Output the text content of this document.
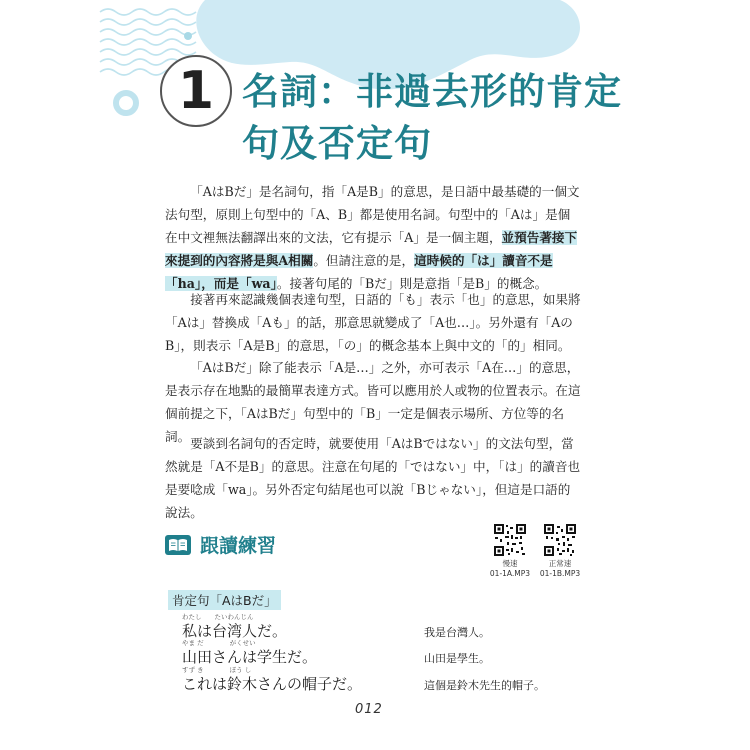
1 名詞：非過去形的肯定
句及否定句

「AはBだ」是名詞句，指「A是B」的意思，是日語中最基礎的一個文法句型，原則上句型中的「A、B」都是使用名詞。句型中的「Aは」是個在中文裡無法翻譯出來的文法，它有提示「A」是一個主題，並預告著接下來提到的內容將是與A相關。但請注意的是，這時候的「は」讀音不是「ha」，而是「wa」。接著句尾的「Bだ」則是意指「是B」的概念。

接著再來認識幾個表達句型，日語的「も」表示「也」的意思，如果將「Aは」替換成「Aも」的話，那意思就變成了「A也…」。另外還有「AのB」，則表示「A是B」的意思，「の」的概念基本上與中文的「的」相同。

「AはBだ」除了能表示「A是…」之外，亦可表示「A在…」的意思，是表示存在地點的最簡單表達方式。皆可以應用於人或物的位置表示。在這個前提之下，「AはBだ」句型中的「B」一定是個表示場所、方位等的名詞。 要談到名詞句的否定時，就要使用「AはBではない」的文法句型，當然就是「A不是B」的意思。注意在句尾的「ではない」中，「は」的讀音也是要唸成「wa」。另外否定句結尾也可以說「Bじゃない」，但這是口語的說法。

跟讀練習
慢速
01-1A.MP3
正常速
01-1B.MP3
肯定句「AはBだ」
わたし　　たいわんじん
私は台湾人だ。	我是台灣人。
やま だ　　　　がくせい
山田さんは学生だ。	山田是學生。
すず き　　　　ぼう し
これは鈴木さんの帽子だ。	這個是鈴木先生的帽子。
012
